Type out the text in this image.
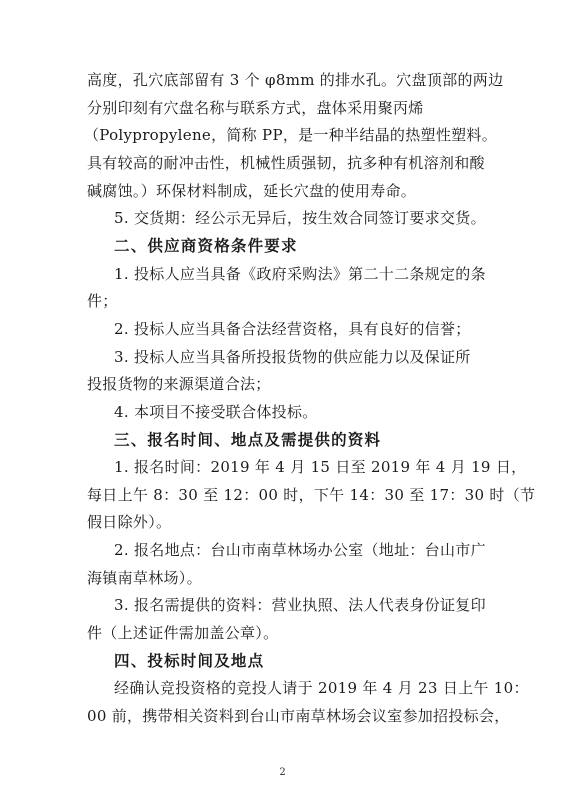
高度，孔穴底部留有 3 个 φ8mm 的排水孔。穴盘顶部的两边
分别印刻有穴盘名称与联系方式，盘体采用聚丙烯
（Polypropylene，简称 PP，是一种半结晶的热塑性塑料。
具有较高的耐冲击性，机械性质强韧，抗多种有机溶剂和酸
碱腐蚀。）环保材料制成，延长穴盘的使用寿命。
5. 交货期：经公示无异后，按生效合同签订要求交货。
二、供应商资格条件要求
1. 投标人应当具备《政府采购法》第二十二条规定的条
件；
2. 投标人应当具备合法经营资格，具有良好的信誉；
3. 投标人应当具备所投报货物的供应能力以及保证所
投报货物的来源渠道合法；
4. 本项目不接受联合体投标。
三、报名时间、地点及需提供的资料
1. 报名时间：2019 年 4 月 15 日至 2019 年 4 月 19 日，
每日上午 8：30 至 12：00 时，下午 14：30 至 17：30 时（节
假日除外）。
2. 报名地点：台山市南草林场办公室（地址：台山市广
海镇南草林场）。
3. 报名需提供的资料：营业执照、法人代表身份证复印
件（上述证件需加盖公章）。
四、投标时间及地点
经确认竞投资格的竞投人请于 2019 年 4 月 23 日上午 10：
00 前，携带相关资料到台山市南草林场会议室参加招投标会，
2
